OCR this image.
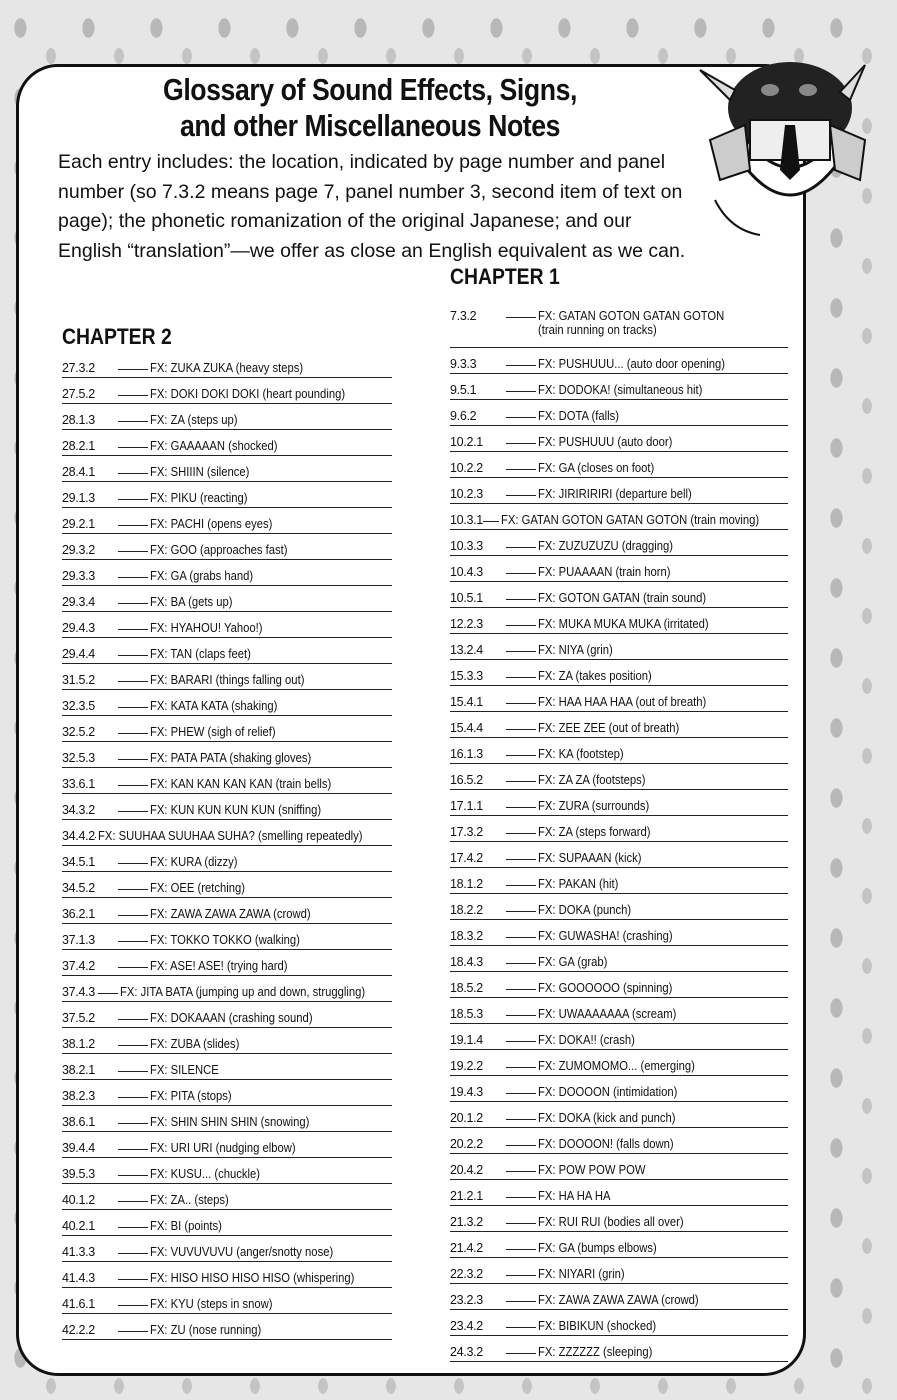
Glossary of Sound Effects, Signs,
and other Miscellaneous Notes
Each entry includes: the location, indicated by page number and panel number (so 7.3.2 means page 7, panel number 3, second item of text on page); the phonetic romanization of the original Japanese; and our English “translation”—we offer as close an English equivalent as we can.
CHAPTER 1
CHAPTER 2
7.3.2	FX: GATAN GOTON GATAN GOTON
(train running on tracks)
9.3.3	FX: PUSHUUU... (auto door opening)
9.5.1	FX: DODOKA! (simultaneous hit)
9.6.2	FX: DOTA (falls)
10.2.1	FX: PUSHUUU (auto door)
10.2.2	FX: GA (closes on foot)
10.2.3	FX: JIRIRIRIRI (departure bell)
10.3.1 FX: GATAN GOTON GATAN GOTON (train moving)
10.3.3	FX: ZUZUZUZU (dragging)
10.4.3	FX: PUAAAAN (train horn)
10.5.1	FX: GOTON GATAN (train sound)
12.2.3	FX: MUKA MUKA MUKA (irritated)
13.2.4	FX: NIYA (grin)
15.3.3	FX: ZA (takes position)
15.4.1	FX: HAA HAA HAA (out of breath)
15.4.4	FX: ZEE ZEE (out of breath)
16.1.3	FX: KA (footstep)
16.5.2	FX: ZA ZA (footsteps)
17.1.1	FX: ZURA (surrounds)
17.3.2	FX: ZA (steps forward)
17.4.2	FX: SUPAAAN (kick)
18.1.2	FX: PAKAN (hit)
18.2.2	FX: DOKA (punch)
18.3.2	FX: GUWASHA! (crashing)
18.4.3	FX: GA (grab)
18.5.2	FX: GOOOOOO (spinning)
18.5.3	FX: UWAAAAAAA (scream)
19.1.4	FX: DOKA!! (crash)
19.2.2	FX: ZUMOMOMO... (emerging)
19.4.3	FX: DOOOON (intimidation)
20.1.2	FX: DOKA (kick and punch)
20.2.2	FX: DOOOON! (falls down)
20.4.2	FX: POW POW POW
21.2.1	FX: HA HA HA
21.3.2	FX: RUI RUI (bodies all over)
21.4.2	FX: GA (bumps elbows)
22.3.2	FX: NIYARI (grin)
23.2.3	FX: ZAWA ZAWA ZAWA (crowd)
23.4.2	FX: BIBIKUN (shocked)
24.3.2	FX: ZZZZZZ (sleeping)
27.3.2	FX: ZUKA ZUKA (heavy steps)
27.5.2	FX: DOKI DOKI DOKI (heart pounding)
28.1.3	FX: ZA (steps up)
28.2.1	FX: GAAAAAN (shocked)
28.4.1	FX: SHIIIN (silence)
29.1.3	FX: PIKU (reacting)
29.2.1	FX: PACHI (opens eyes)
29.3.2	FX: GOO (approaches fast)
29.3.3	FX: GA (grabs hand)
29.3.4	FX: BA (gets up)
29.4.3	FX: HYAHOU! Yahoo!)
29.4.4	FX: TAN (claps feet)
31.5.2	FX: BARARI (things falling out)
32.3.5	FX: KATA KATA (shaking)
32.5.2	FX: PHEW (sigh of relief)
32.5.3	FX: PATA PATA (shaking gloves)
33.6.1	FX: KAN KAN KAN KAN (train bells)
34.3.2	FX: KUN KUN KUN KUN (sniffing)
34.4.2 FX: SUUHAA SUUHAA SUHA? (smelling repeatedly)
34.5.1	FX: KURA (dizzy)
34.5.2	FX: OEE (retching)
36.2.1	FX: ZAWA ZAWA ZAWA (crowd)
37.1.3	FX: TOKKO TOKKO (walking)
37.4.2	FX: ASE! ASE! (trying hard)
37.4.3 FX: JITA BATA (jumping up and down, struggling)
37.5.2	FX: DOKAAAN (crashing sound)
38.1.2	FX: ZUBA (slides)
38.2.1	FX: SILENCE
38.2.3	FX: PITA (stops)
38.6.1	FX: SHIN SHIN SHIN (snowing)
39.4.4	FX: URI URI (nudging elbow)
39.5.3	FX: KUSU... (chuckle)
40.1.2	FX: ZA.. (steps)
40.2.1	FX: BI (points)
41.3.3	FX: VUVUVUVU (anger/snotty nose)
41.4.3	FX: HISO HISO HISO HISO (whispering)
41.6.1	FX: KYU (steps in snow)
42.2.2	FX: ZU (nose running)
